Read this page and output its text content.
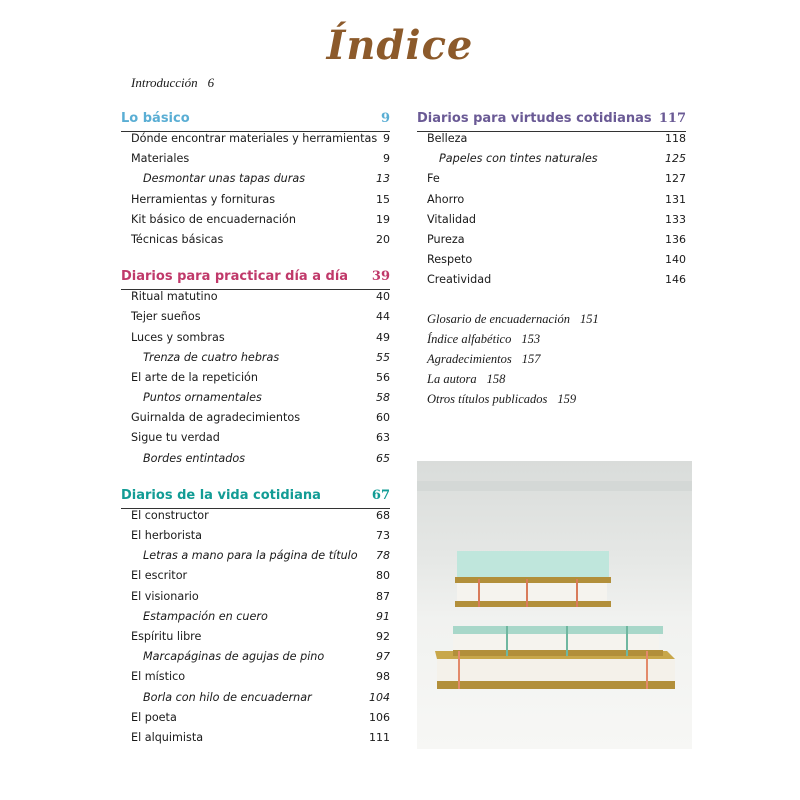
Índice
Introducción 6
Lo básico	9
Dónde encontrar materiales y herramientas 9
Materiales	9
Desmontar unas tapas duras	13
Herramientas y fornituras	15
Kit básico de encuadernación	19
Técnicas básicas	20
Diarios para practicar día a día 39
Ritual matutino	40
Tejer sueños	44
Luces y sombras	49
Trenza de cuatro hebras	55
El arte de la repetición	56
Puntos ornamentales	58
Guirnalda de agradecimientos	60
Sigue tu verdad	63
Bordes entintados	65
Diarios de la vida cotidiana	67
El constructor	68
El herborista	73
Letras a mano para la página de título 78
El escritor	80
El visionario	87
Estampación en cuero	91
Espíritu libre	92
Marcapáginas de agujas de pino	97
El místico	98
Borla con hilo de encuadernar	104
El poeta	106
El alquimista	111
Diarios para virtudes cotidianas 117
Belleza	118
Papeles con tintes naturales	125
Fe	127
Ahorro	131
Vitalidad	133
Pureza	136
Respeto	140
Creatividad	146
Glosario de encuadernación 151
Índice alfabético 153
Agradecimientos 157
La autora 158
Otros títulos publicados 159
